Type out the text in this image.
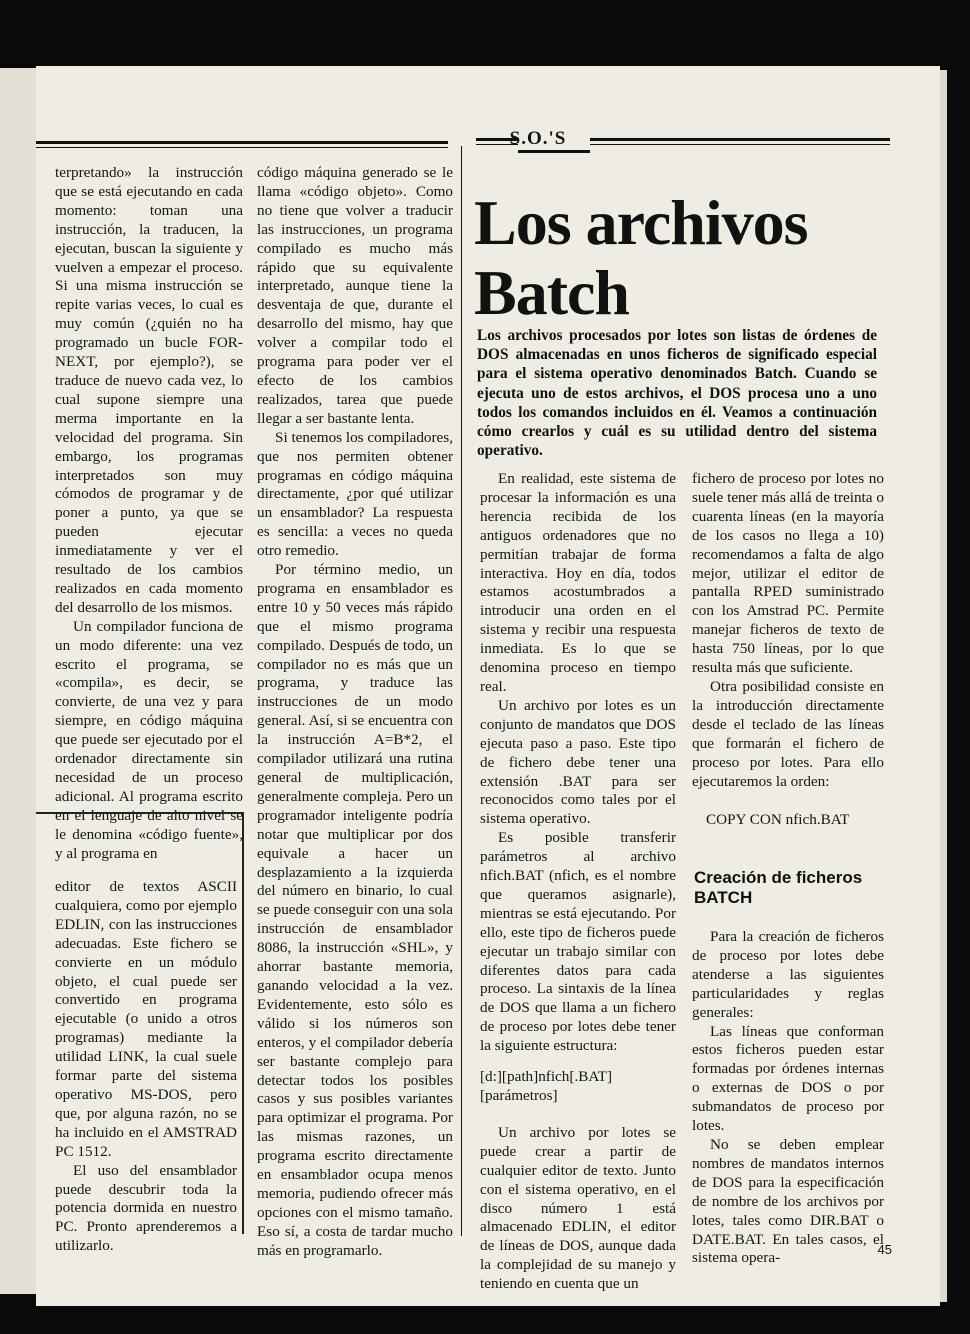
S.O.'S
Los archivos Batch

Los archivos procesados por lotes son listas de órdenes de DOS almacenadas en unos ficheros de significado especial para el sistema operativo denominados Batch. Cuando se ejecuta uno de estos archivos, el DOS procesa uno a uno todos los comandos incluidos en él. Veamos a continuación cómo crearlos y cuál es su utilidad dentro del sistema operativo.

terpretando» la instrucción que se está ejecutando en cada momento: toman una instrucción, la traducen, la ejecutan, buscan la siguiente y vuelven a empezar el proceso. Si una misma instrucción se repite varias veces, lo cual es muy común (¿quién no ha programado un bucle FOR-NEXT, por ejemplo?), se traduce de nuevo cada vez, lo cual supone siempre una merma importante en la velocidad del programa. Sin embargo, los programas interpretados son muy cómodos de programar y de poner a punto, ya que se pueden ejecutar inmediatamente y ver el resultado de los cambios realizados en cada momento del desarrollo de los mismos.

Un compilador funciona de un modo diferente: una vez escrito el programa, se «compila», es decir, se convierte, de una vez y para siempre, en código máquina que puede ser ejecutado por el ordenador directamente sin necesidad de un proceso adicional. Al programa escrito en el lenguaje de alto nivel se le denomina «código fuente», y al programa en

código máquina generado se le llama «código objeto». Como no tiene que volver a traducir las instrucciones, un programa compilado es mucho más rápido que su equivalente interpretado, aunque tiene la desventaja de que, durante el desarrollo del mismo, hay que volver a compilar todo el programa para poder ver el efecto de los cambios realizados, tarea que puede llegar a ser bastante lenta.

Si tenemos los compiladores, que nos permiten obtener programas en código máquina directamente, ¿por qué utilizar un ensamblador? La respuesta es sencilla: a veces no queda otro remedio.

Por término medio, un programa en ensamblador es entre 10 y 50 veces más rápido que el mismo programa compilado. Después de todo, un compilador no es más que un programa, y traduce las instrucciones de un modo general. Así, si se encuentra con la instrucción A=B*2, el compilador utilizará una rutina general de multiplicación, generalmente compleja. Pero un programador inteligente podría notar que multiplicar por dos equivale a hacer un desplazamiento a la izquierda del número en binario, lo cual se puede conseguir con una sola instrucción de ensamblador 8086, la instrucción «SHL», y ahorrar bastante memoria, ganando velocidad a la vez. Evidentemente, esto sólo es válido si los números son enteros, y el compilador debería ser bastante complejo para detectar todos los posibles casos y sus posibles variantes para optimizar el programa. Por las mismas razones, un programa escrito directamente en ensamblador ocupa menos memoria, pudiendo ofrecer más opciones con el mismo tamaño. Eso sí, a costa de tardar mucho más en programarlo.

editor de textos ASCII cualquiera, como por ejemplo EDLIN, con las instrucciones adecuadas. Este fichero se convierte en un módulo objeto, el cual puede ser convertido en programa ejecutable (o unido a otros programas) mediante la utilidad LINK, la cual suele formar parte del sistema operativo MS-DOS, pero que, por alguna razón, no se ha incluido en el AMSTRAD PC 1512.

El uso del ensamblador puede descubrir toda la potencia dormida en nuestro PC. Pronto aprenderemos a utilizarlo.

En realidad, este sistema de procesar la información es una herencia recibida de los antiguos ordenadores que no permitían trabajar de forma interactiva. Hoy en día, todos estamos acostumbrados a introducir una orden en el sistema y recibir una respuesta inmediata. Es lo que se denomina proceso en tiempo real.

Un archivo por lotes es un conjunto de mandatos que DOS ejecuta paso a paso. Este tipo de fichero debe tener una extensión .BAT para ser reconocidos como tales por el sistema operativo.

Es posible transferir parámetros al archivo nfich.BAT (nfich, es el nombre que queramos asignarle), mientras se está ejecutando. Por ello, este tipo de ficheros puede ejecutar un trabajo similar con diferentes datos para cada proceso. La sintaxis de la línea de DOS que llama a un fichero de proceso por lotes debe tener la siguiente estructura:

[d:][path]nfich[.BAT][parámetros]

Un archivo por lotes se puede crear a partir de cualquier editor de texto. Junto con el sistema operativo, en el disco número 1 está almacenado EDLIN, el editor de líneas de DOS, aunque dada la complejidad de su manejo y teniendo en cuenta que un

fichero de proceso por lotes no suele tener más allá de treinta o cuarenta líneas (en la mayoría de los casos no llega a 10) recomendamos a falta de algo mejor, utilizar el editor de pantalla RPED suministrado con los Amstrad PC. Permite manejar ficheros de texto de hasta 750 líneas, por lo que resulta más que suficiente.

Otra posibilidad consiste en la introducción directamente desde el teclado de las líneas que formarán el fichero de proceso por lotes. Para ello ejecutaremos la orden:

COPY CON nfich.BAT

Creación de ficheros BATCH

Para la creación de ficheros de proceso por lotes debe atenderse a las siguientes particularidades y reglas generales:

Las líneas que conforman estos ficheros pueden estar formadas por órdenes internas o externas de DOS o por submandatos de proceso por lotes.

No se deben emplear nombres de mandatos internos de DOS para la especificación de nombre de los archivos por lotes, tales como DIR.BAT o DATE.BAT. En tales casos, el sistema opera-	45
